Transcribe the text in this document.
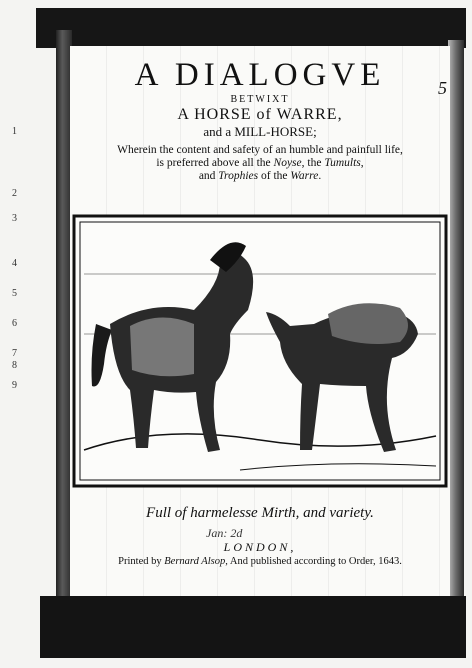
1
2
3
4
5
6
7
8
9
5
A DIALOGVE
BETWIXT
A HORSE of WARRE,
and a MILL-HORSE;
Wherein the content and safety of an humble and painfull life,
is preferred above all the Noyse, the Tumults,
and Trophies of the Warre.
Full of harmelesse Mirth, and variety.
Jan: 2d
LONDON,
Printed by Bernard Alsop, And published according to Order, 1643.
